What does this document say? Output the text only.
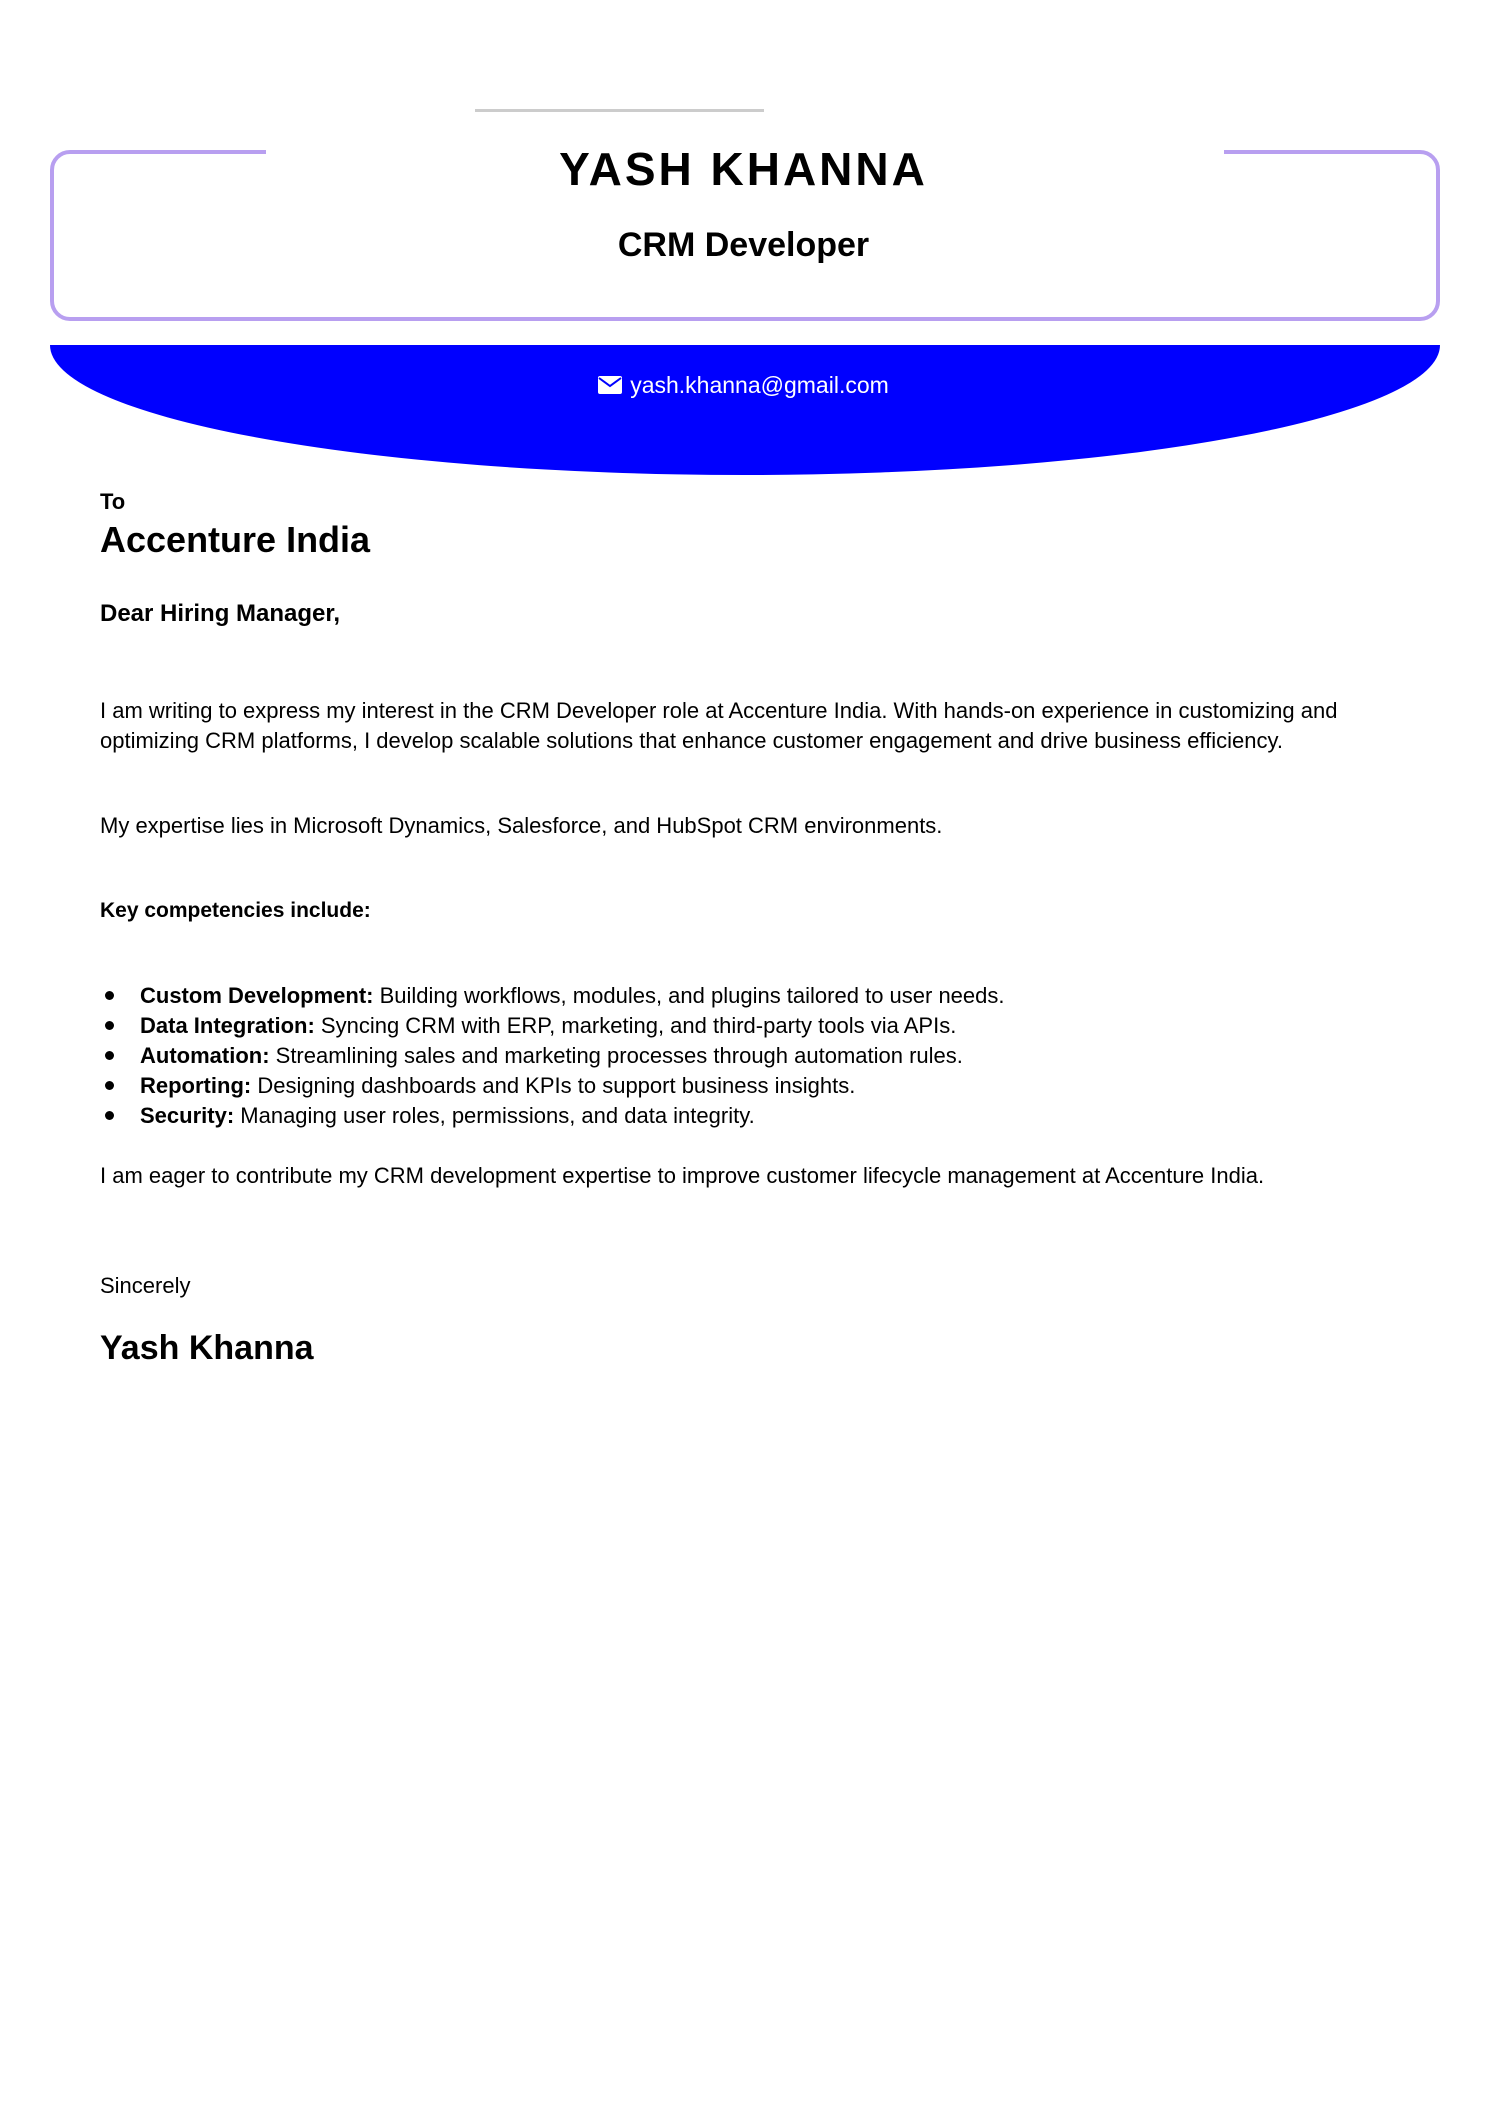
YASH KHANNA
CRM Developer
yash.khanna@gmail.com
To
Accenture India
Dear Hiring Manager,

I am writing to express my interest in the CRM Developer role at Accenture India. With hands-on experience in customizing and optimizing CRM platforms, I develop scalable solutions that enhance customer engagement and drive business efficiency.

My expertise lies in Microsoft Dynamics, Salesforce, and HubSpot CRM environments.

Key competencies include:
Custom Development: Building workflows, modules, and plugins tailored to user needs.
Data Integration: Syncing CRM with ERP, marketing, and third-party tools via APIs.
Automation: Streamlining sales and marketing processes through automation rules.
Reporting: Designing dashboards and KPIs to support business insights.
Security: Managing user roles, permissions, and data integrity.

I am eager to contribute my CRM development expertise to improve customer lifecycle management at Accenture India.

Sincerely
Yash Khanna
